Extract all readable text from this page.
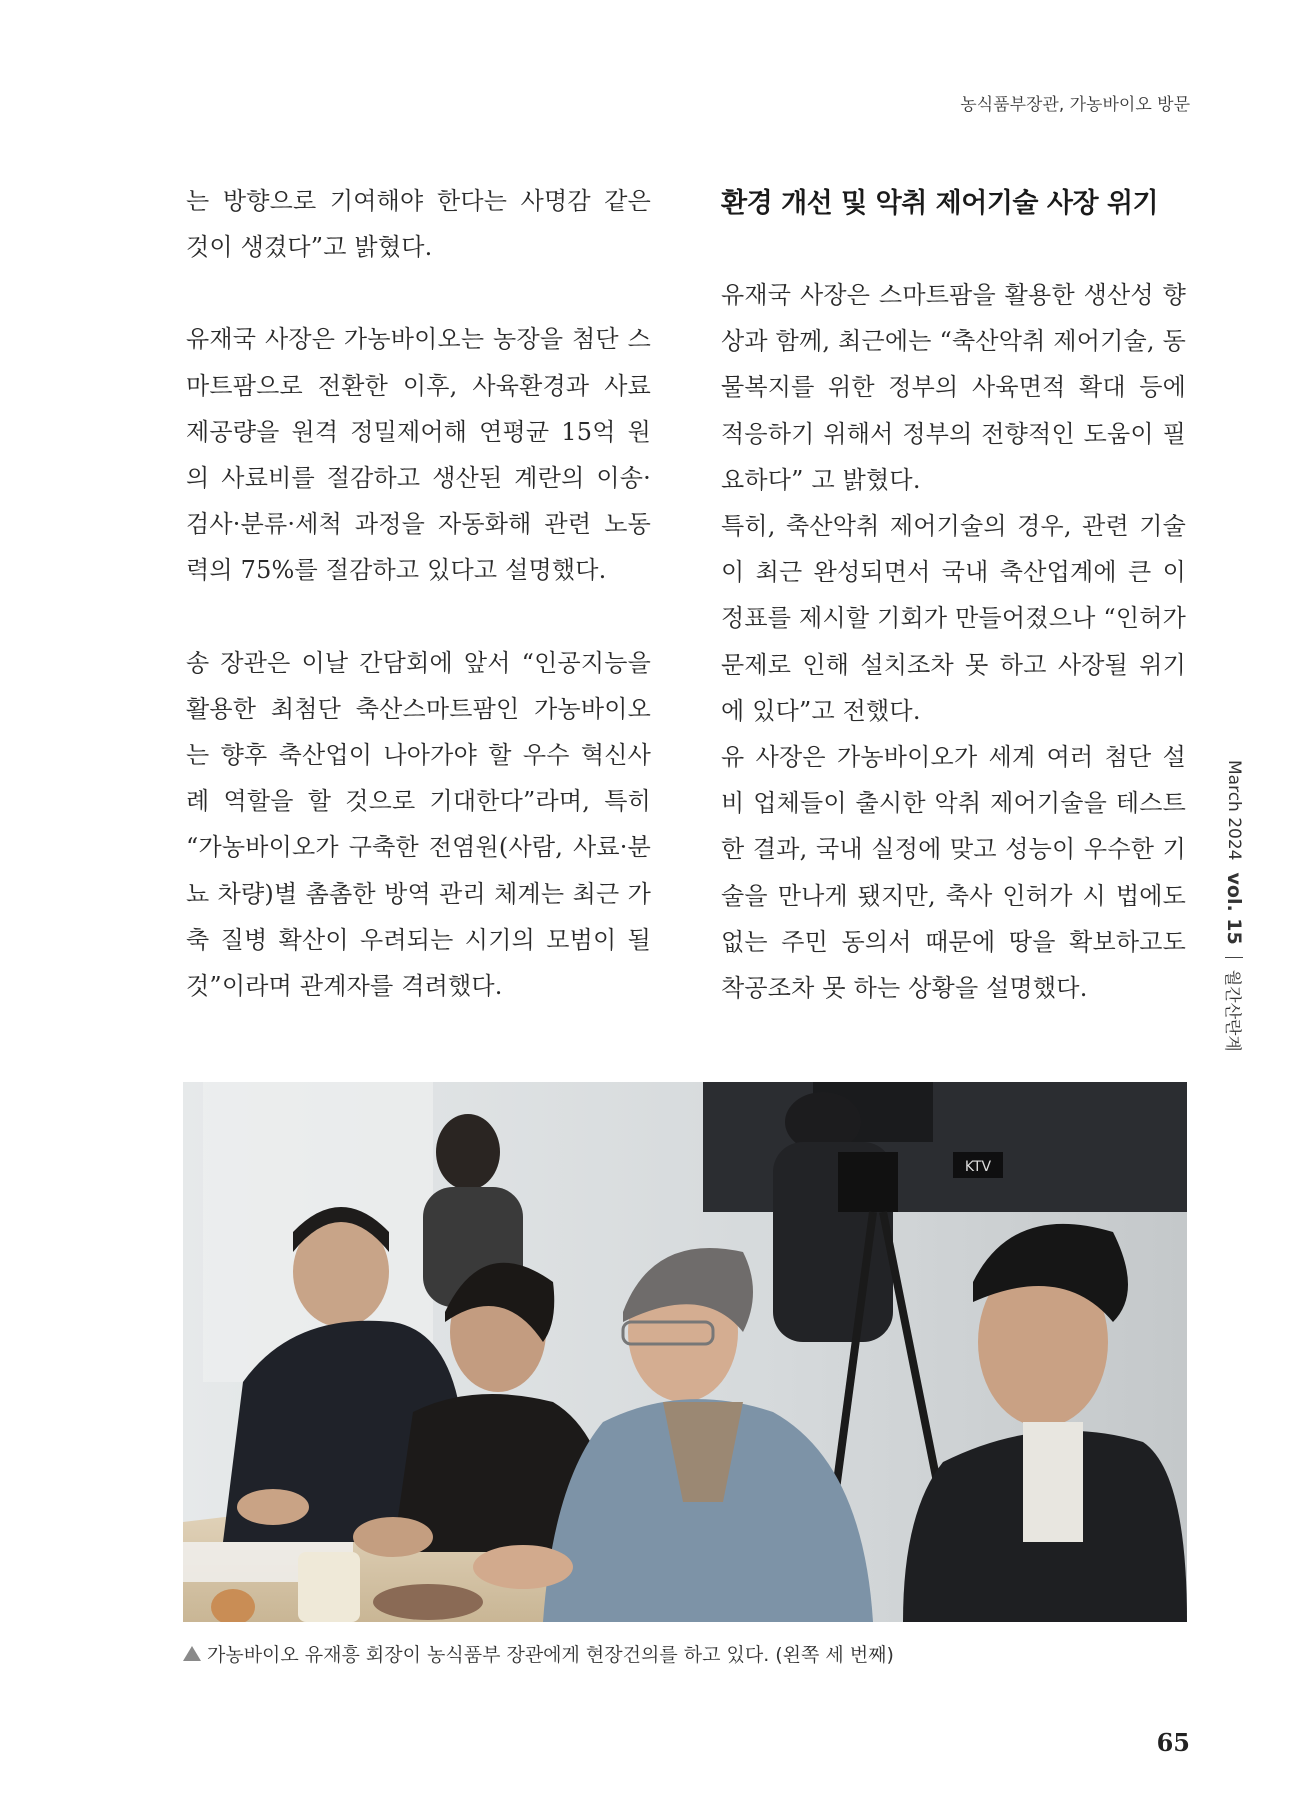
농식품부장관, 가농바이오 방문

는 방향으로 기여해야 한다는 사명감 같은 것이 생겼다”고 밝혔다.

유재국 사장은 가농바이오는 농장을 첨단 스마트팜으로 전환한 이후, 사육환경과 사료 제공량을 원격 정밀제어해 연평균 15억 원의 사료비를 절감하고 생산된 계란의 이송·검사·분류·세척 과정을 자동화해 관련 노동력의 75%를 절감하고 있다고 설명했다.

송 장관은 이날 간담회에 앞서 “인공지능을 활용한 최첨단 축산스마트팜인 가농바이오는 향후 축산업이 나아가야 할 우수 혁신사례 역할을 할 것으로 기대한다”라며, 특히 “가농바이오가 구축한 전염원(사람, 사료·분뇨 차량)별 촘촘한 방역 관리 체계는 최근 가축 질병 확산이 우려되는 시기의 모범이 될 것”이라며 관계자를 격려했다.

환경 개선 및 악취 제어기술 사장 위기

유재국 사장은 스마트팜을 활용한 생산성 향상과 함께, 최근에는 “축산악취 제어기술, 동물복지를 위한 정부의 사육면적 확대 등에 적응하기 위해서 정부의 전향적인 도움이 필요하다” 고 밝혔다.

특히, 축산악취 제어기술의 경우, 관련 기술이 최근 완성되면서 국내 축산업계에 큰 이정표를 제시할 기회가 만들어졌으나 “인허가 문제로 인해 설치조차 못 하고 사장될 위기에 있다”고 전했다.

유 사장은 가농바이오가 세계 여러 첨단 설비 업체들이 출시한 악취 제어기술을 테스트한 결과, 국내 실정에 맞고 성능이 우수한 기술을 만나게 됐지만, 축사 인허가 시 법에도 없는 주민 동의서 때문에 땅을 확보하고도 착공조차 못 하는 상황을 설명했다.

March 2024
vol. 15
월간산란계
KTV
가농바이오 유재흥 회장이 농식품부 장관에게 현장건의를 하고 있다. (왼쪽 세 번째)
65
